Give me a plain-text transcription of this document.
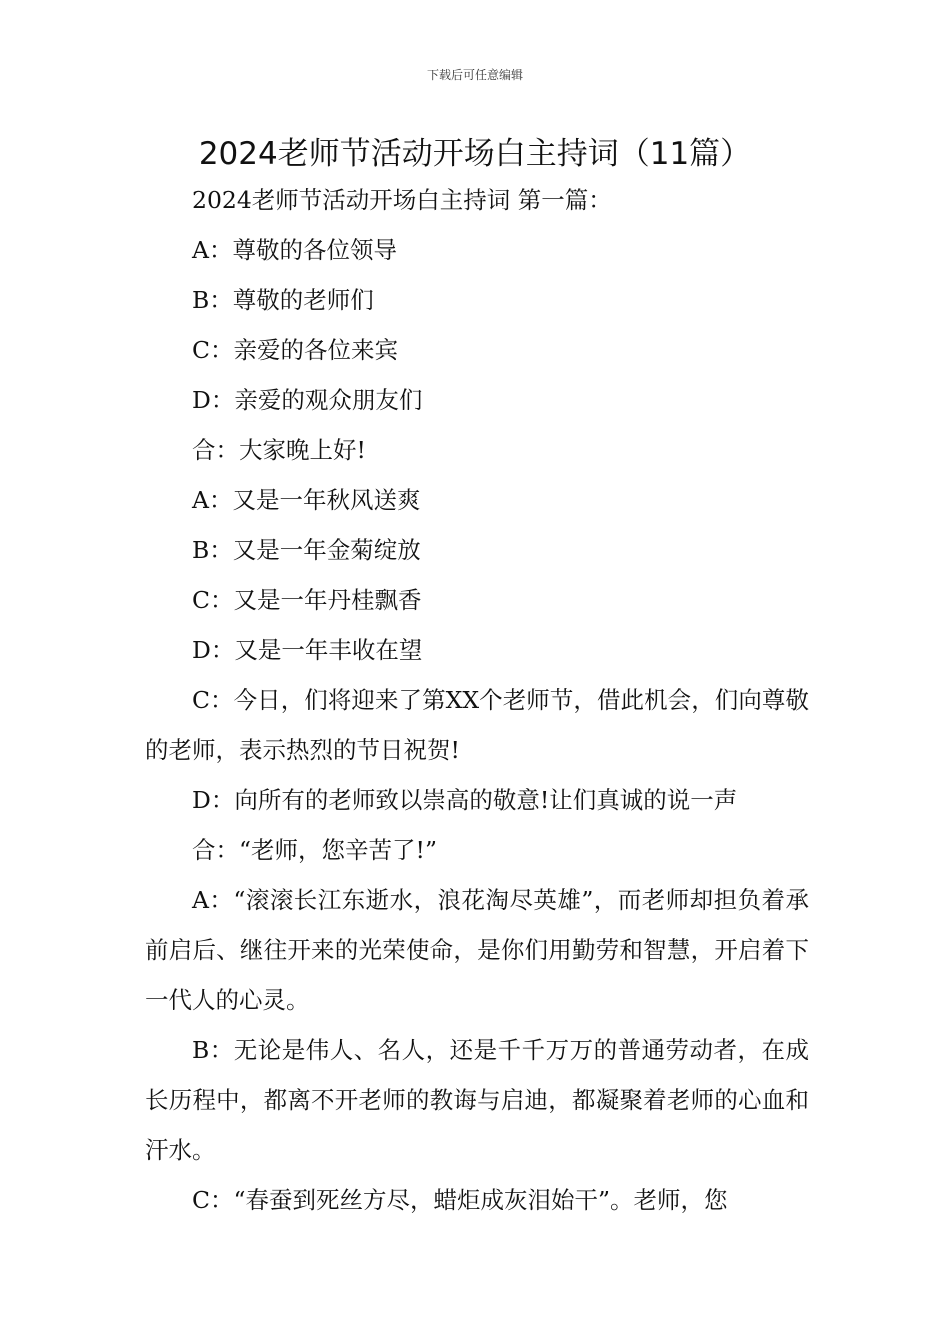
下载后可任意编辑
2024老师节活动开场白主持词（11篇）

2024老师节活动开场白主持词 第一篇：

A：尊敬的各位领导

B：尊敬的老师们

C：亲爱的各位来宾

D：亲爱的观众朋友们

合：大家晚上好!

A：又是一年秋风送爽

B：又是一年金菊绽放

C：又是一年丹桂飘香

D：又是一年丰收在望

C：今日，们将迎来了第XX个老师节，借此机会，们向尊敬的老师，表示热烈的节日祝贺!

D：向所有的老师致以崇高的敬意!让们真诚的说一声

合：“老师，您辛苦了!”

A：“滚滚长江东逝水，浪花淘尽英雄”，而老师却担负着承前启后、继往开来的光荣使命，是你们用勤劳和智慧，开启着下一代人的心灵。

B：无论是伟人、名人，还是千千万万的普通劳动者，在成长历程中，都离不开老师的教诲与启迪，都凝聚着老师的心血和汗水。

C：“春蚕到死丝方尽，蜡炬成灰泪始干”。老师，您
